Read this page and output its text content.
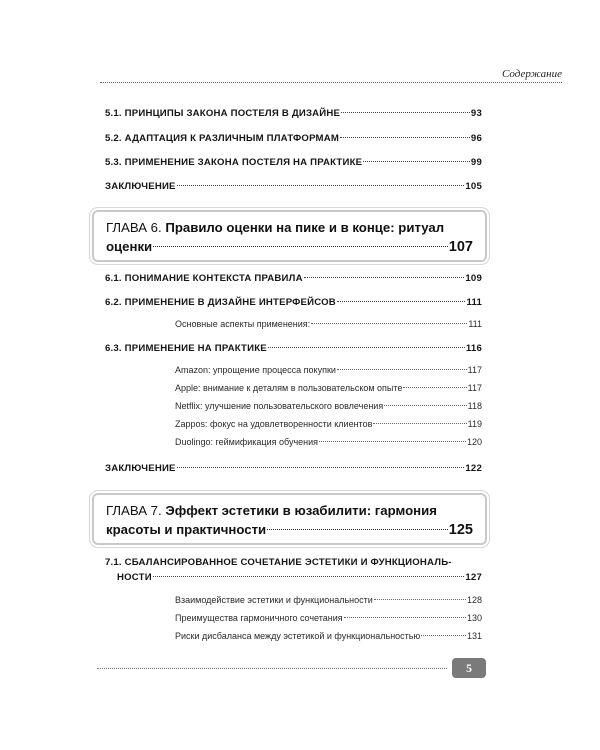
Содержание
5.1. ПРИНЦИПЫ ЗАКОНА ПОСТЕЛЯ В ДИЗАЙНЕ	93
5.2. АДАПТАЦИЯ К РАЗЛИЧНЫМ ПЛАТФОРМАМ	96
5.3. ПРИМЕНЕНИЕ ЗАКОНА ПОСТЕЛЯ НА ПРАКТИКЕ	99
ЗАКЛЮЧЕНИЕ	105
ГЛАВА 6. Правило оценки на пике и в конце: ритуал
оценки	107
6.1. ПОНИМАНИЕ КОНТЕКСТА ПРАВИЛА	109
6.2. ПРИМЕНЕНИЕ В ДИЗАЙНЕ ИНТЕРФЕЙСОВ	111
Основные аспекты применения:	111
6.3. ПРИМЕНЕНИЕ НА ПРАКТИКЕ	116
Amazon: упрощение процесса покупки	117
Apple: внимание к деталям в пользовательском опыте	117
Netflix: улучшение пользовательского вовлечения	118
Zappos: фокус на удовлетворенности клиентов	119
Duolingo: геймификация обучения	120
ЗАКЛЮЧЕНИЕ	122
ГЛАВА 7. Эффект эстетики в юзабилити: гармония
красоты и практичности	125
7.1. СБАЛАНСИРОВАННОЕ СОЧЕТАНИЕ ЭСТЕТИКИ И ФУНКЦИОНАЛЬ-
НОСТИ	127
Взаимодействие эстетики и функциональности	128
Преимущества гармоничного сочетания	130
Риски дисбаланса между эстетикой и функциональностью	131
5
